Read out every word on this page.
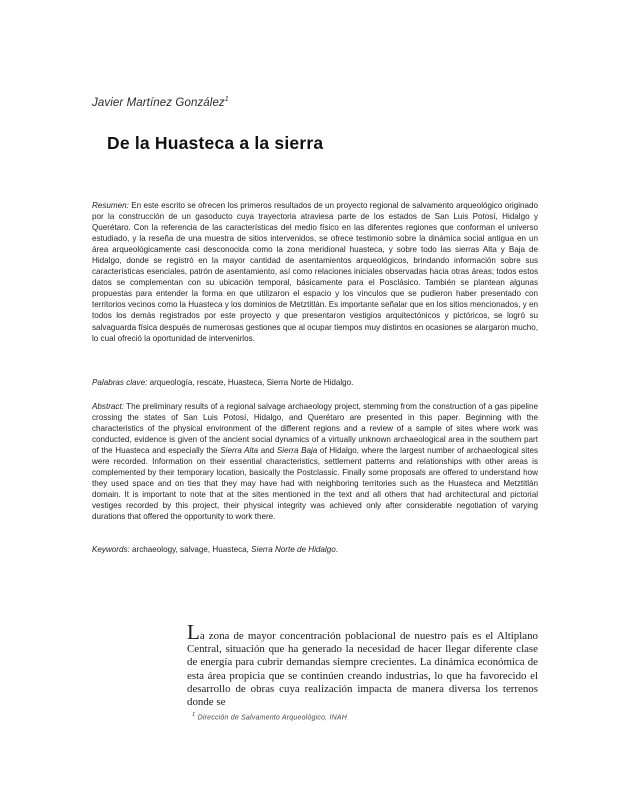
Javier Martínez González$^1$
De la Huasteca a la sierra

Resumen: En este escrito se ofrecen los primeros resultados de un proyecto regional de salvamento arqueológico originado por la construcción de un gasoducto cuya trayectoria atraviesa parte de los estados de San Luis Potosí, Hidalgo y Querétaro. Con la referencia de las características del medio físico en las diferentes regiones que conforman el universo estudiado, y la reseña de una muestra de sitios intervenidos, se ofrece testimonio sobre la dinámica social antigua en un área arqueológicamente casi desconocida como la zona meridional huasteca, y sobre todo las sierras Alta y Baja de Hidalgo, donde se registró en la mayor cantidad de asentamientos arqueológicos, brindando información sobre sus características esenciales, patrón de asentamiento, así como relaciones iniciales observadas hacia otras áreas; todos estos datos se complementan con su ubicación temporal, básicamente para el Posclásico. También se plantean algunas propuestas para entender la forma en que utilizaron el espacio y los vínculos que se pudieron haber presentado con territorios vecinos como la Huasteca y los dominios de Metztitlán. Es importante señalar que en los sitios mencionados, y en todos los demás registrados por este proyecto y que presentaron vestigios arquitectónicos y pictóricos, se logró su salvaguarda física después de numerosas gestiones que al ocupar tiempos muy distintos en ocasiones se alargaron mucho, lo cual ofreció la oportunidad de intervenirlos.

Palabras clave: arqueología, rescate, Huasteca, Sierra Norte de Hidalgo.

Abstract: The preliminary results of a regional salvage archaeology project, stemming from the construction of a gas pipeline crossing the states of San Luis Potosí, Hidalgo, and Querétaro are presented in this paper. Beginning with the characteristics of the physical environment of the different regions and a review of a sample of sites where work was conducted, evidence is given of the ancient social dynamics of a virtually unknown archaeological area in the southern part of the Huasteca and especially the Sierra Alta and Sierra Baja of Hidalgo, where the largest number of archaeological sites were recorded. Information on their essential characteristics, settlement patterns and relationships with other areas is complemented by their temporary location, basically the Postclassic. Finally some proposals are offered to understand how they used space and on ties that they may have had with neighboring territories such as the Huasteca and Metztitlán domain. It is important to note that at the sites mentioned in the text and all others that had architectural and pictorial vestiges recorded by this project, their physical integrity was achieved only after considerable negotiation of varying durations that offered the opportunity to work there.

Keywords: archaeology, salvage, Huasteca, Sierra Norte de Hidalgo.

La zona de mayor concentración poblacional de nuestro país es el Altiplano Central, situación que ha generado la necesidad de hacer llegar diferente clase de energía para cubrir demandas siempre crecientes. La dinámica económica de esta área propicia que se continúen creando industrias, lo que ha favorecido el desarrollo de obras cuya realización impacta de manera diversa los terrenos donde se

$^1$ Dirección de Salvamento Arqueológico, INAH
